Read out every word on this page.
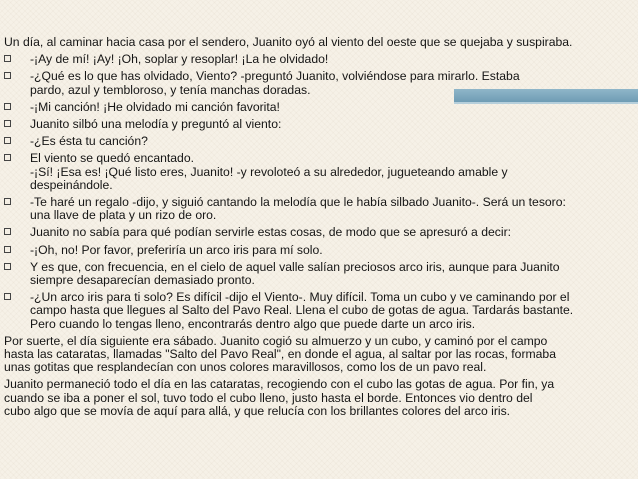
Un día, al caminar hacia casa por el sendero, Juanito oyó al viento del oeste que se quejaba y suspiraba.

-¡Ay de mí! ¡Ay! ¡Oh, soplar y resoplar! ¡La he olvidado!
-¿Qué es lo que has olvidado, Viento? -preguntó Juanito, volviéndose para mirarlo. Estaba
pardo, azul y tembloroso, y tenía manchas doradas.
-¡Mi canción! ¡He olvidado mi canción favorita!
Juanito silbó una melodía y preguntó al viento:
-¿Es ésta tu canción?
El viento se quedó encantado.
-¡Sí! ¡Esa es! ¡Qué listo eres, Juanito! -y revoloteó a su alrededor, jugueteando amable y
despeinándole.
-Te haré un regalo -dijo, y siguió cantando la melodía que le había silbado Juanito-. Será un tesoro:
una llave de plata y un rizo de oro.
Juanito no sabía para qué podían servirle estas cosas, de modo que se apresuró a decir:
-¡Oh, no! Por favor, preferiría un arco iris para mí solo.
Y es que, con frecuencia, en el cielo de aquel valle salían preciosos arco iris, aunque para Juanito
siempre desaparecían demasiado pronto.
-¿Un arco iris para ti solo? Es difícil -dijo el Viento-. Muy difícil. Toma un cubo y ve caminando por el
campo hasta que llegues al Salto del Pavo Real. Llena el cubo de gotas de agua. Tardarás bastante.
Pero cuando lo tengas lleno, encontrarás dentro algo que puede darte un arco iris.
Por suerte, el día siguiente era sábado. Juanito cogió su almuerzo y un cubo, y caminó por el campo
hasta las cataratas, llamadas "Salto del Pavo Real", en donde el agua, al saltar por las rocas, formaba
unas gotitas que resplandecían con unos colores maravillosos, como los de un pavo real.
Juanito permaneció todo el día en las cataratas, recogiendo con el cubo las gotas de agua. Por fin, ya
cuando se iba a poner el sol, tuvo todo el cubo lleno, justo hasta el borde. Entonces vio dentro del
cubo algo que se movía de aquí para allá, y que relucía con los brillantes colores del arco iris.
